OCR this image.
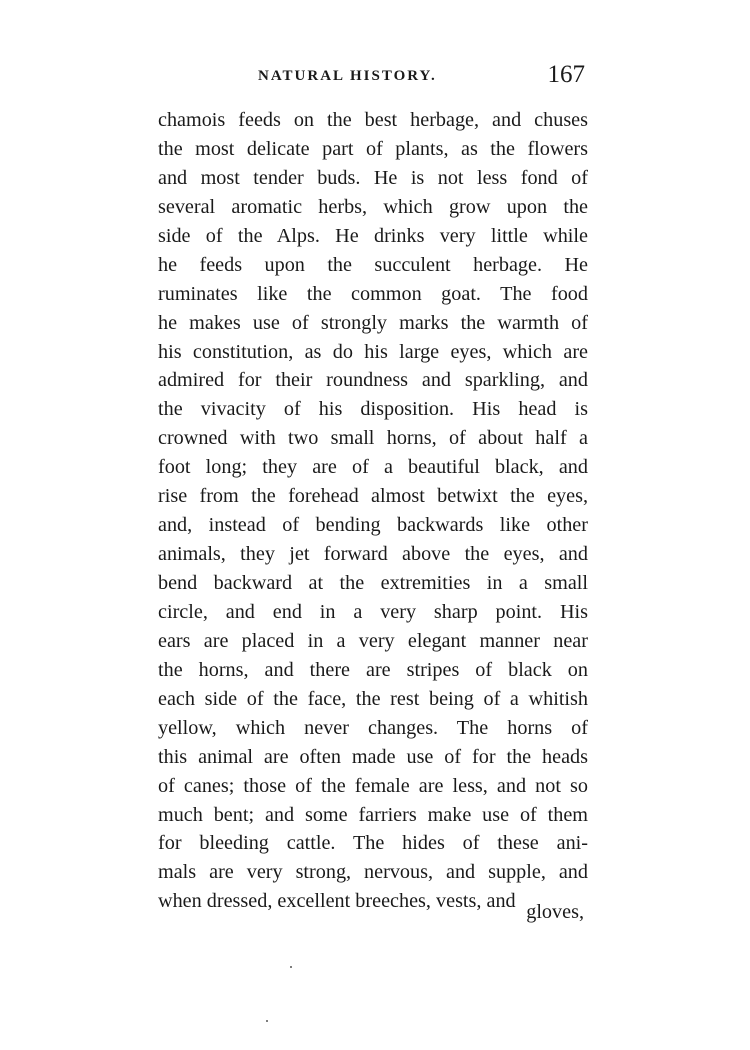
NATURAL HISTORY.	167
chamois feeds on the best herbage, and chuses
the most delicate part of plants, as the flowers
and most tender buds. He is not less fond of
several aromatic herbs, which grow upon the
side of the Alps. He drinks very little while
he feeds upon the succulent herbage. He
ruminates like the common goat. The food
he makes use of strongly marks the warmth of
his constitution, as do his large eyes, which are
admired for their roundness and sparkling, and
the vivacity of his disposition. His head is
crowned with two small horns, of about half a
foot long; they are of a beautiful black, and
rise from the forehead almost betwixt the eyes,
and, instead of bending backwards like other
animals, they jet forward above the eyes, and
bend backward at the extremities in a small
circle, and end in a very sharp point. His
ears are placed in a very elegant manner near
the horns, and there are stripes of black on
each side of the face, the rest being of a whitish
yellow, which never changes. The horns of
this animal are often made use of for the heads
of canes; those of the female are less, and not so
much bent; and some farriers make use of them
for bleeding cattle. The hides of these ani-
mals are very strong, nervous, and supple, and
when dressed, excellent breeches, vests, and gloves,
